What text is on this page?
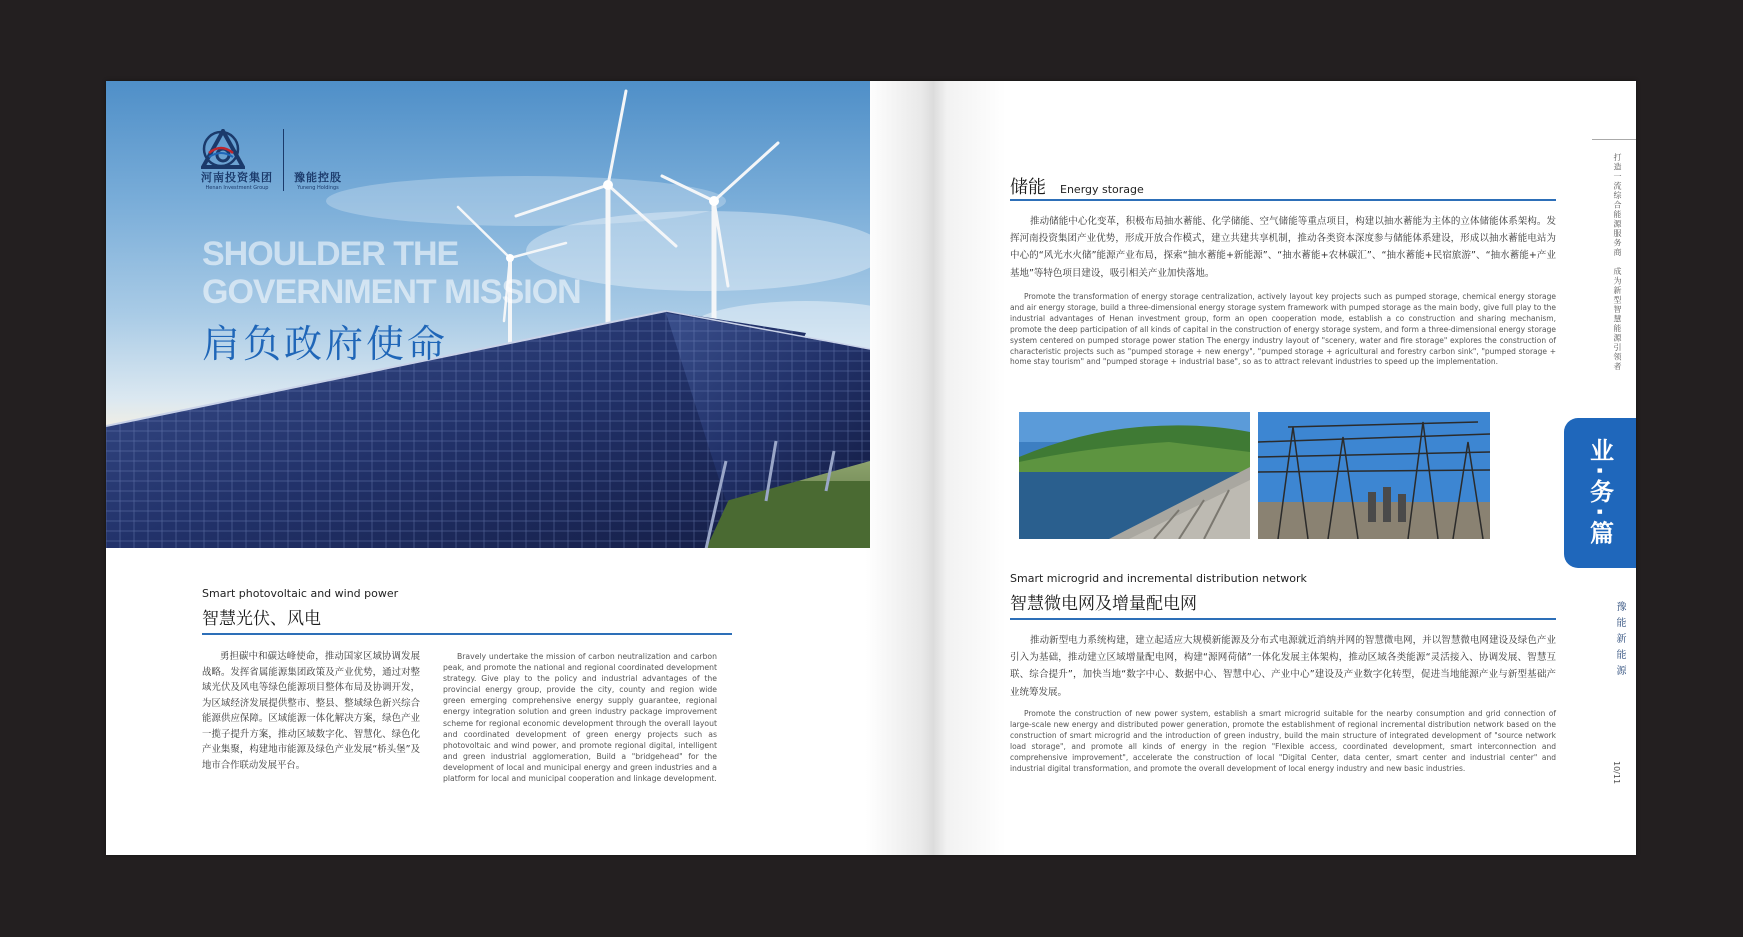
河南投资集团
Henan Investment Group
豫能控股
Yuneng Holdings
SHOULDER THE
GOVERNMENT MISSION
肩负政府使命
Smart photovoltaic and wind power
智慧光伏、风电

勇担碳中和碳达峰使命，推动国家区域协调发展战略。发挥省属能源集团政策及产业优势，通过对整域光伏及风电等绿色能源项目整体布局及协调开发，为区域经济发展提供整市、整县、整域绿色新兴综合能源供应保障。区域能源一体化解决方案，绿色产业一揽子提升方案，推动区域数字化、智慧化、绿色化产业集聚，构建地市能源及绿色产业发展“桥头堡”及地市合作联动发展平台。

Bravely undertake the mission of carbon neutralization and carbon peak, and promote the national and regional coordinated development strategy. Give play to the policy and industrial advantages of the provincial energy group, provide the city, county and region wide green emerging comprehensive energy supply guarantee, regional energy integration solution and green industry package improvement scheme for regional economic development through the overall layout and coordinated development of green energy projects such as photovoltaic and wind power, and promote regional digital, intelligent and green industrial agglomeration, Build a "bridgehead" for the development of local and municipal energy and green industries and a platform for local and municipal cooperation and linkage development.

储能 Energy storage

推动储能中心化变革，积极布局抽水蓄能、化学储能、空气储能等重点项目，构建以抽水蓄能为主体的立体储能体系架构。发挥河南投资集团产业优势，形成开放合作模式，建立共建共享机制，推动各类资本深度参与储能体系建设，形成以抽水蓄能电站为中心的“风光水火储”能源产业布局，探索“抽水蓄能+新能源”、“抽水蓄能+农林碳汇”、“抽水蓄能+民宿旅游”、“抽水蓄能+产业基地”等特色项目建设，吸引相关产业加快落地。

Promote the transformation of energy storage centralization, actively layout key projects such as pumped storage, chemical energy storage and air energy storage, build a three-dimensional energy storage system framework with pumped storage as the main body, give full play to the industrial advantages of Henan investment group, form an open cooperation mode, establish a co construction and sharing mechanism, promote the deep participation of all kinds of capital in the construction of energy storage system, and form a three-dimensional energy storage system centered on pumped storage power station The energy industry layout of "scenery, water and fire storage" explores the construction of characteristic projects such as "pumped storage + new energy", "pumped storage + agricultural and forestry carbon sink", "pumped storage + home stay tourism" and "pumped storage + industrial base", so as to attract relevant industries to speed up the implementation.

Smart microgrid and incremental distribution network
智慧微电网及增量配电网

推动新型电力系统构建，建立起适应大规模新能源及分布式电源就近消纳并网的智慧微电网，并以智慧微电网建设及绿色产业引入为基础，推动建立区域增量配电网，构建“源网荷储”一体化发展主体架构，推动区域各类能源“灵活接入、协调发展、智慧互联、综合提升”，加快当地“数字中心、数据中心、智慧中心、产业中心”建设及产业数字化转型，促进当地能源产业与新型基础产业统筹发展。

Promote the construction of new power system, establish a smart microgrid suitable for the nearby consumption and grid connection of large-scale new energy and distributed power generation, promote the establishment of regional incremental distribution network based on the construction of smart microgrid and the introduction of green industry, build the main structure of integrated development of "source network load storage", and promote all kinds of energy in the region "Flexible access, coordinated development, smart interconnection and comprehensive improvement", accelerate the construction of local "Digital Center, data center, smart center and industrial center" and industrial digital transformation, and promote the overall development of local energy industry and new basic industries.

打造一流综合能源服务商　成为新型智慧能源引领者
业·务·篇
豫能新能源
10/11
